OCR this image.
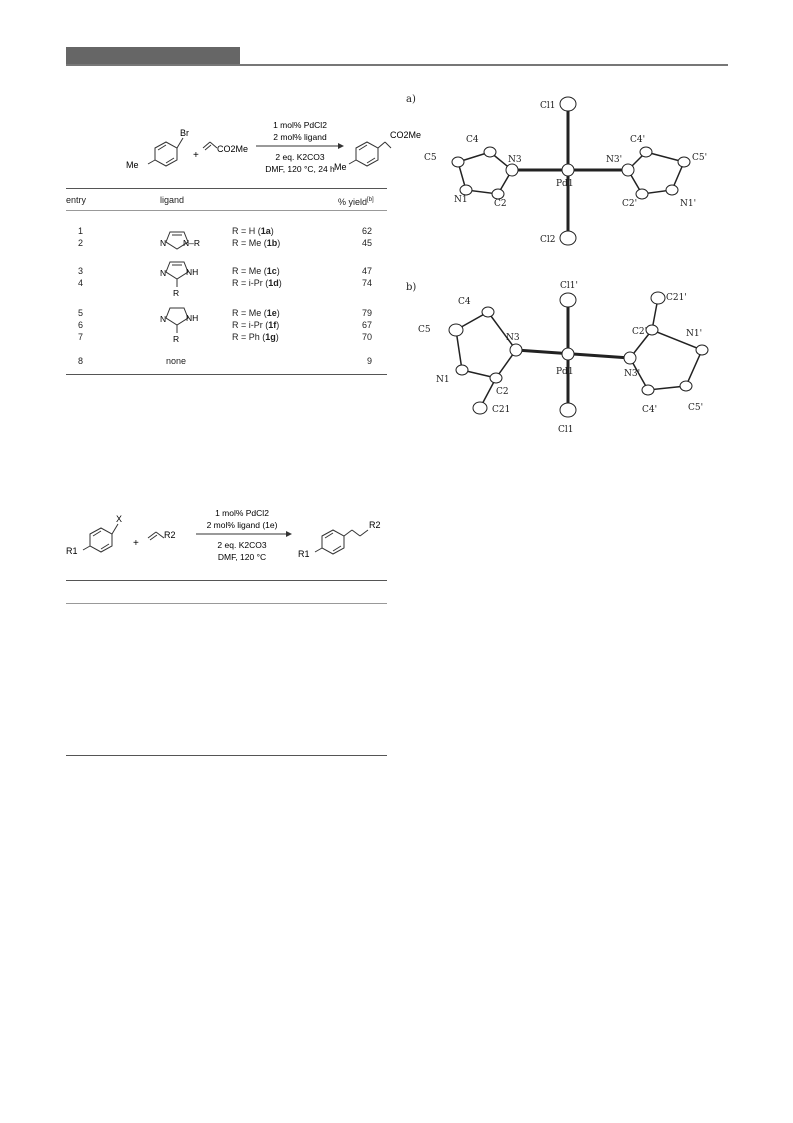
Br
Me
+
CO2Me
1 mol% PdCl2
2 mol% ligand
2 eq. K2CO3
DMF, 120 °C, 24 h
CO2Me
Me
entry	ligand	% yield[b]
1	R = H (1a)	62
2	R = Me (1b)	45
3	R = Me (1c)	47
4	R = i-Pr (1d)	74
5	R = Me (1e)	79
6	R = i-Pr (1f)	67
7	R = Ph (1g)	70
8	none	9
N N–R
N NH
R
N NH
R
X
R1
+
R2
1 mol% PdCl2
2 mol% ligand (1e)
2 eq. K2CO3
DMF, 120 °C
R2
R1
a)
Cl1
Cl2
Pd1
N3
N1	C2
C4
C5	N3'
N1'
C2'
C4'
C5'
b)	Cl1'
Cl1
Pd1
N3
N1
C2
C4
C5
C21
N3'
N1'
C2'
C4'	C5'
C21'
